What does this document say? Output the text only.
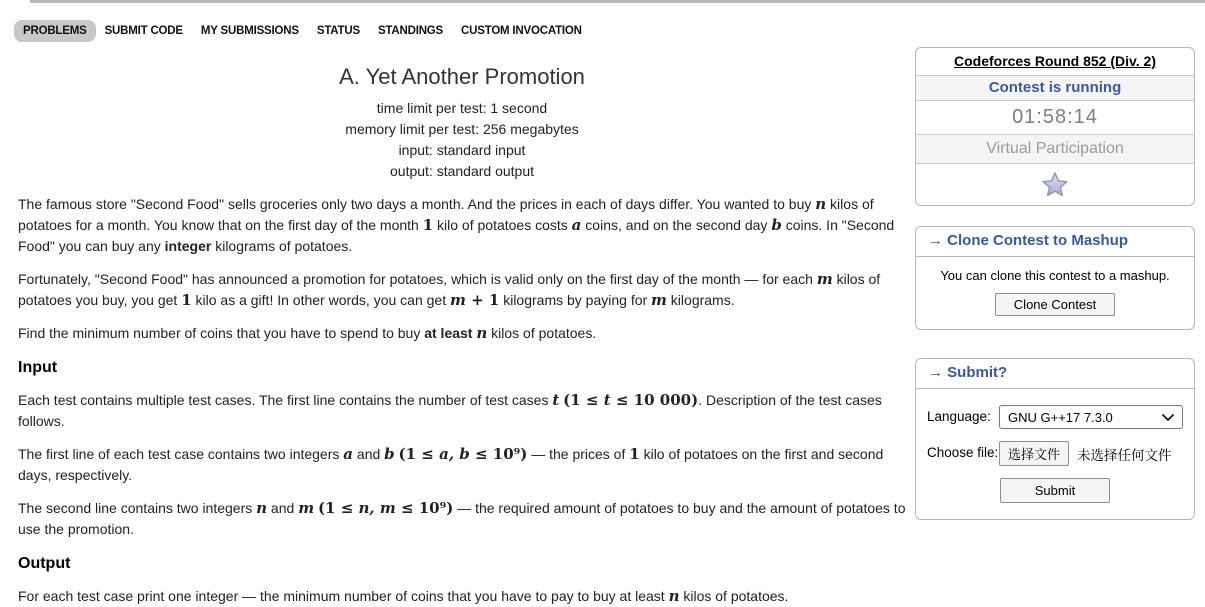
PROBLEMS	SUBMIT CODE	MY SUBMISSIONS	STATUS	STANDINGS	CUSTOM INVOCATION
A. Yet Another Promotion
time limit per test: 1 second
memory limit per test: 256 megabytes
input: standard input
output: standard output

The famous store "Second Food" sells groceries only two days a month. And the prices in each of days differ. You wanted to buy n kilos of potatoes for a month. You know that on the first day of the month 1 kilo of potatoes costs a coins, and on the second day b coins. In "Second Food" you can buy any integer kilograms of potatoes.

Fortunately, "Second Food" has announced a promotion for potatoes, which is valid only on the first day of the month — for each m kilos of potatoes you buy, you get 1 kilo as a gift! In other words, you can get m + 1 kilograms by paying for m kilograms.

Find the minimum number of coins that you have to spend to buy at least n kilos of potatoes.

Input

Each test contains multiple test cases. The first line contains the number of test cases t (1 ≤ t ≤ 10 000). Description of the test cases follows.

The first line of each test case contains two integers a and b (1 ≤ a, b ≤ 10⁹) — the prices of 1 kilo of potatoes on the first and second days, respectively.

The second line contains two integers n and m (1 ≤ n, m ≤ 10⁹) — the required amount of potatoes to buy and the amount of potatoes to use the promotion.

Output

For each test case print one integer — the minimum number of coins that you have to pay to buy at least n kilos of potatoes.

Codeforces Round 852 (Div. 2)
Contest is running
01:58:14
Virtual Participation
→ Clone Contest to Mashup
You can clone this contest to a mashup.
Clone Contest
→ Submit?
Language:	GNU G++17 7.3.0
Choose file: 选择文件	未选择任何文件
Submit
